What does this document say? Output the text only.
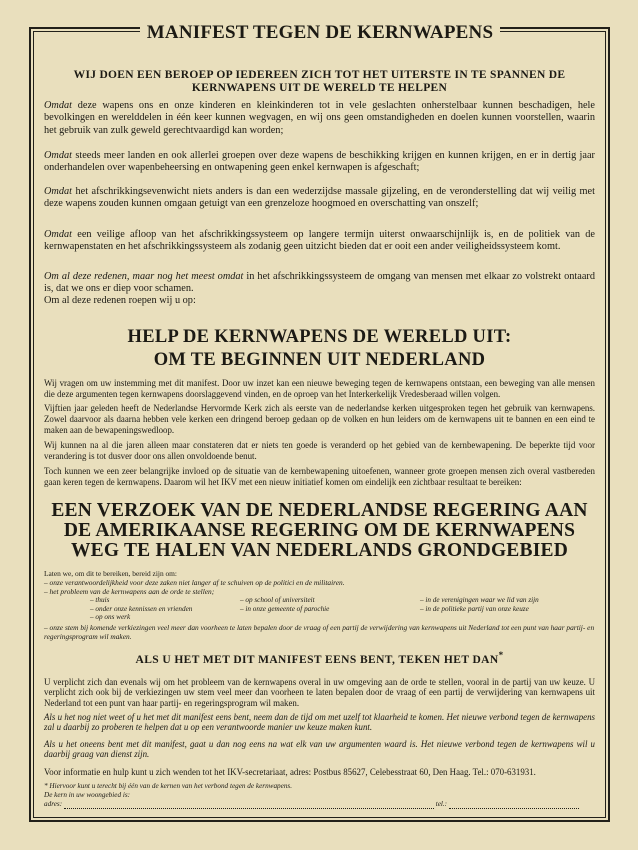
MANIFEST TEGEN DE KERNWAPENS
WIJ DOEN EEN BEROEP OP IEDEREEN ZICH TOT HET UITERSTE IN TE SPANNEN DE KERNWAPENS UIT DE WERELD TE HELPEN
Omdat deze wapens ons en onze kinderen en kleinkinderen tot in vele geslachten onherstelbaar kunnen beschadigen, hele bevolkingen en werelddelen in één keer kunnen wegvagen, en wij ons geen omstandigheden en doelen kunnen voorstellen, waarin het gebruik van zulk geweld gerechtvaardigd kan worden;
Omdat steeds meer landen en ook allerlei groepen over deze wapens de beschikking krijgen en kunnen krijgen, en er in dertig jaar onderhandelen over wapenbeheersing en ontwapening geen enkel kernwapen is afgeschaft;
Omdat het afschrikkingsevenwicht niets anders is dan een wederzijdse massale gijzeling, en de veronderstelling dat wij veilig met deze wapens zouden kunnen omgaan getuigt van een grenzeloze hoogmoed en overschatting van onszelf;
Omdat een veilige afloop van het afschrikkingssysteem op langere termijn uiterst onwaarschijnlijk is, en de politiek van de kernwapenstaten en het afschrikkingssysteem als zodanig geen uitzicht bieden dat er ooit een ander veiligheidssysteem komt.
Om al deze redenen, maar nog het meest omdat in het afschrikkingssysteem de omgang van mensen met elkaar zo volstrekt ontaard is, dat we ons er diep voor schamen.
Om al deze redenen roepen wij u op:
HELP DE KERNWAPENS DE WERELD UIT:
OM TE BEGINNEN UIT NEDERLAND
Wij vragen om uw instemming met dit manifest. Door uw inzet kan een nieuwe beweging tegen de kernwapens ontstaan, een beweging van alle mensen die deze argumenten tegen kernwapens doorslaggevend vinden, en de oproep van het Interkerkelijk Vredesberaad willen volgen.
Vijftien jaar geleden heeft de Nederlandse Hervormde Kerk zich als eerste van de nederlandse kerken uitgesproken tegen het gebruik van kernwapens. Zowel daarvoor als daarna hebben vele kerken een dringend beroep gedaan op de volken en hun leiders om de kernwapens uit te bannen en een eind te maken aan de bewapeningswedloop.
Wij kunnen na al die jaren alleen maar constateren dat er niets ten goede is veranderd op het gebied van de kernbewapening. De beperkte tijd voor verandering is tot dusver door ons allen onvoldoende benut.
Toch kunnen we een zeer belangrijke invloed op de situatie van de kernbewapening uitoefenen, wanneer grote groepen mensen zich overal vastbereden gaan keren tegen de kernwapens. Daarom wil het IKV met een nieuw initiatief komen om eindelijk een zichtbaar resultaat te bereiken:
EEN VERZOEK VAN DE NEDERLANDSE REGERING AAN DE AMERIKAANSE REGERING OM DE KERNWAPENS WEG TE HALEN VAN NEDERLANDS GRONDGEBIED
Laten we, om dit te bereiken, bereid zijn om:
– onze verantwoordelijkheid voor deze zaken niet langer af te schuiven op de politici en de militairen.
– het probleem van de kernwapens aan de orde te stellen;
– thuis	– op school of universiteit	– in de verenigingen waar we lid van zijn
– onder onze kennissen en vrienden	– in onze gemeente of parochie	– in de politieke partij van onze keuze
– op ons werk
– onze stem bij komende verkiezingen veel meer dan voorheen te laten bepalen door de vraag of een partij de verwijdering van kernwapens uit Nederland tot een punt van haar partij- en regeringsprogram wil maken.
ALS U HET MET DIT MANIFEST EENS BENT, TEKEN HET DAN*
U verplicht zich dan evenals wij om het probleem van de kernwapens overal in uw omgeving aan de orde te stellen, vooral in de partij van uw keuze. U verplicht zich ook bij de verkiezingen uw stem veel meer dan voorheen te laten bepalen door de vraag of een partij de verwijdering van kernwapens uit Nederland tot een punt van haar partij- en regeringsprogram wil maken.
Als u het nog niet weet of u het met dit manifest eens bent, neem dan de tijd om met uzelf tot klaarheid te komen. Het nieuwe verbond tegen de kernwapens zal u daarbij zo proberen te helpen dat u op een verantwoorde manier uw keuze maken kunt.
Als u het oneens bent met dit manifest, gaat u dan nog eens na wat elk van uw argumenten waard is. Het nieuwe verbond tegen de kernwapens wil u daarbij graag van dienst zijn.
Voor informatie en hulp kunt u zich wenden tot het IKV-secretariaat, adres: Postbus 85627, Celebesstraat 60, Den Haag. Tel.: 070-631931.
* Hiervoor kunt u terecht bij één van de kernen van het verbond tegen de kernwapens.
De kern in uw woongebied is:
adres:	tel.:
